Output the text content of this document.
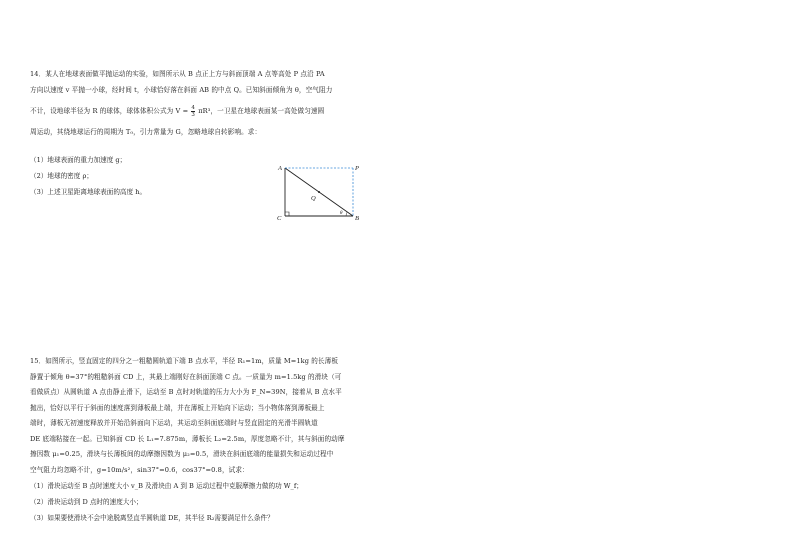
14．某人在地球表面做平抛运动的实验，如图所示从 B 点正上方与斜面顶端 A 点等高处 P 点沿 PA
方向以速度 v 平抛一小球，经时间 t，小球恰好落在斜面 AB 的中点 Q。已知斜面倾角为 θ，空气阻力
不计，设地球半径为 R 的球体，球体体积公式为 $V = \frac{4}{3} \pi R^3$，一卫星在地球表面某一高处做匀速圆
周运动，其绕地球运行的周期为 T₀，引力常量为 G，忽略地球自转影响。求：
（1）地球表面的重力加速度 g；
（2）地球的密度 ρ；
（3）上述卫星距离地球表面的高度 h。
A	P
C	B
Q
θ
15．如图所示，竖直固定的四分之一粗糙圆轨道下端 B 点水平，半径 R₁=1m，质量 M=1kg 的长薄板
静置于倾角 θ=37°的粗糙斜面 CD 上，其最上端刚好在斜面顶端 C 点。一质量为 m=1.5kg 的滑块（可
看做质点）从圆轨道 A 点由静止滑下，运动至 B 点时对轨道的压力大小为 F_N=39N，接着从 B 点水平
抛出，恰好以平行于斜面的速度落到薄板最上端，并在薄板上开始向下运动；当小物体落到薄板最上
端时，薄板无初速度释放并开始沿斜面向下运动，其运动至斜面底端时与竖直固定的光滑半圆轨道
DE 底端粘接在一起。已知斜面 CD 长 L₁=7.875m，薄板长 L₂=2.5m，厚度忽略不计，其与斜面的动摩
擦因数 μ₁=0.25，滑块与长薄板间的动摩擦因数为 μ₂=0.5，滑块在斜面底端的能量损失和运动过程中
空气阻力均忽略不计，g=10m/s²，sin37°=0.6，cos37°=0.8，试求：
（1）滑块运动至 B 点时速度大小 v_B 及滑块由 A 到 B 运动过程中克服摩擦力做的功 W_f；
（2）滑块运动到 D 点时的速度大小；
（3）如果要使滑块不会中途脱离竖直半圆轨道 DE，其半径 R₂需要满足什么条件？
